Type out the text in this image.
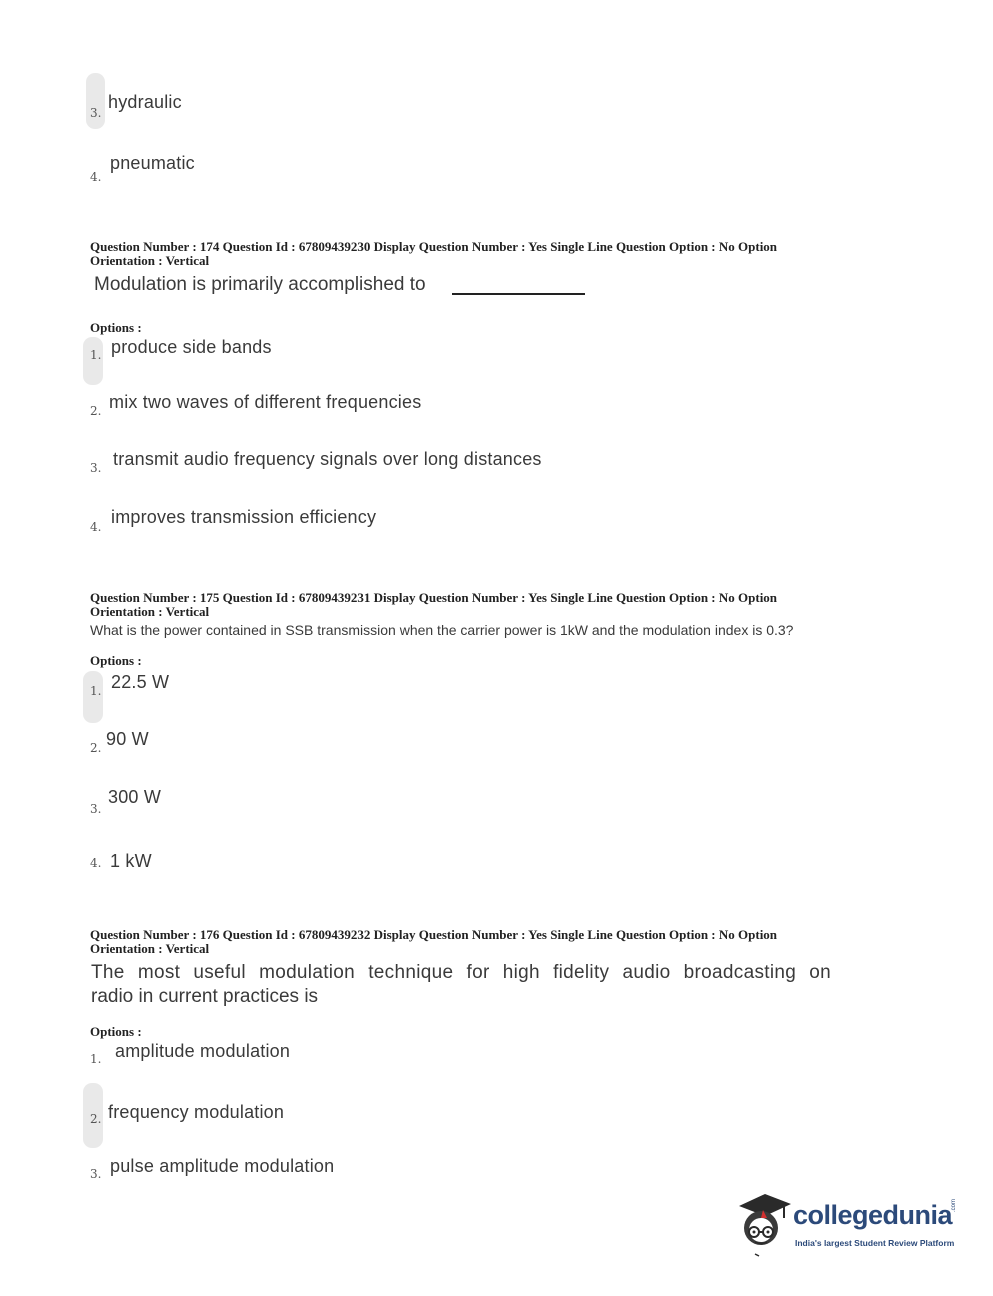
3.
hydraulic
4.
pneumatic
Question Number : 174 Question Id : 67809439230 Display Question Number : Yes Single Line Question Option : No Option
Orientation : Vertical
Modulation is primarily accomplished to
Options :
1. produce side bands
2. mix two waves of different frequencies
3. transmit audio frequency signals over long distances
4. improves transmission efficiency
Question Number : 175 Question Id : 67809439231 Display Question Number : Yes Single Line Question Option : No Option
Orientation : Vertical
What is the power contained in SSB transmission when the carrier power is 1kW and the modulation index is 0.3?
Options :
1. 22.5 W
2. 90 W
3.
300 W
4. 1 kW
Question Number : 176 Question Id : 67809439232 Display Question Number : Yes Single Line Question Option : No Option
Orientation : Vertical
The most useful modulation technique for high fidelity audio broadcasting on
radio in current practices is
Options :
1. amplitude modulation
2. frequency modulation
3. pulse amplitude modulation
collegedunia
.com
India's largest Student Review Platform
